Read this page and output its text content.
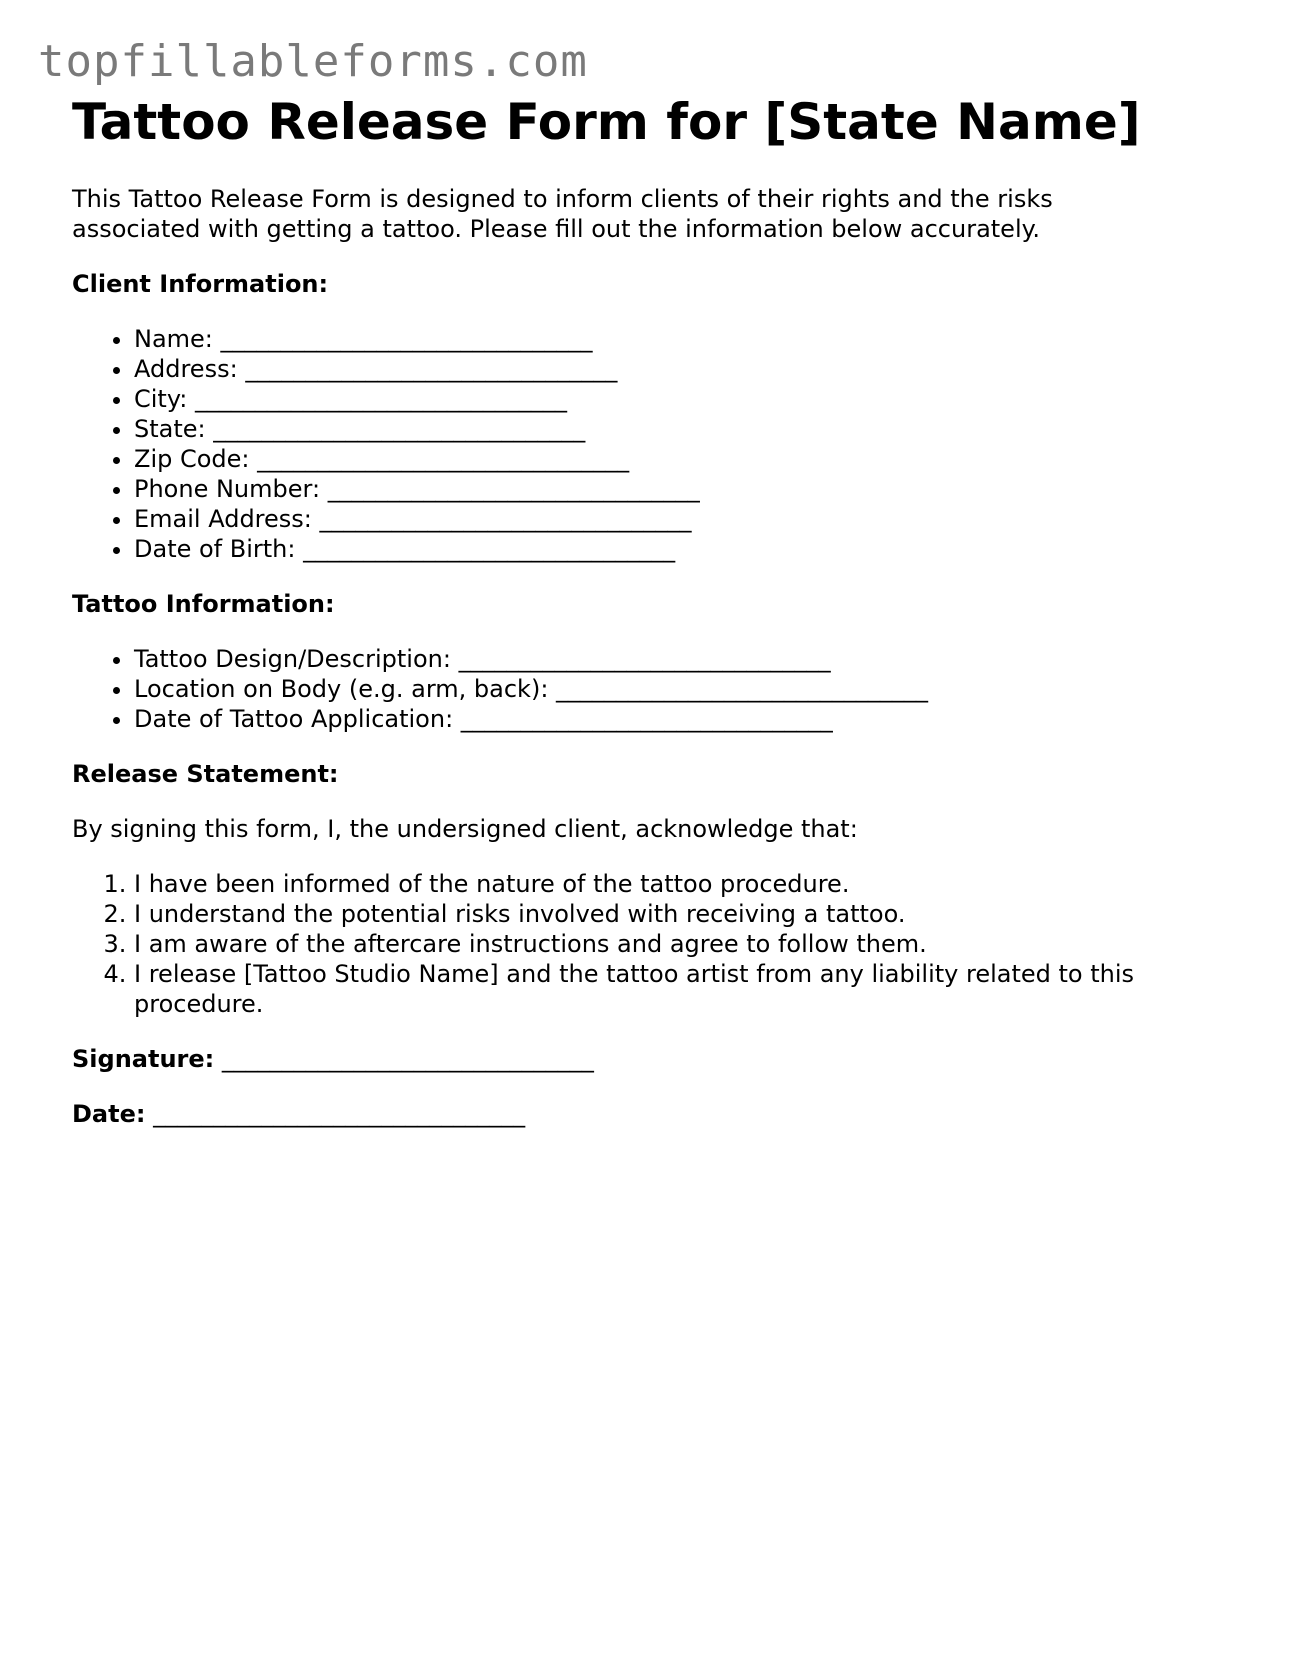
topfillableforms.com
Tattoo Release Form for [State Name]

This Tattoo Release Form is designed to inform clients of their rights and the risks associated with getting a tattoo. Please fill out the information below accurately.

Client Information:
• Name: _______________________________
• Address: _______________________________
• City: _______________________________
• State: _______________________________
• Zip Code: _______________________________
• Phone Number: _______________________________
• Email Address: _______________________________
• Date of Birth: _______________________________
Tattoo Information:
• Tattoo Design/Description: _______________________________
• Location on Body (e.g. arm, back): _______________________________
• Date of Tattoo Application: _______________________________
Release Statement:

By signing this form, I, the undersigned client, acknowledge that:

1. I have been informed of the nature of the tattoo procedure.
2. I understand the potential risks involved with receiving a tattoo.
3. I am aware of the aftercare instructions and agree to follow them.
4. I release [Tattoo Studio Name] and the tattoo artist from any liability related to this procedure.
Signature: _______________________________
Date: _______________________________
